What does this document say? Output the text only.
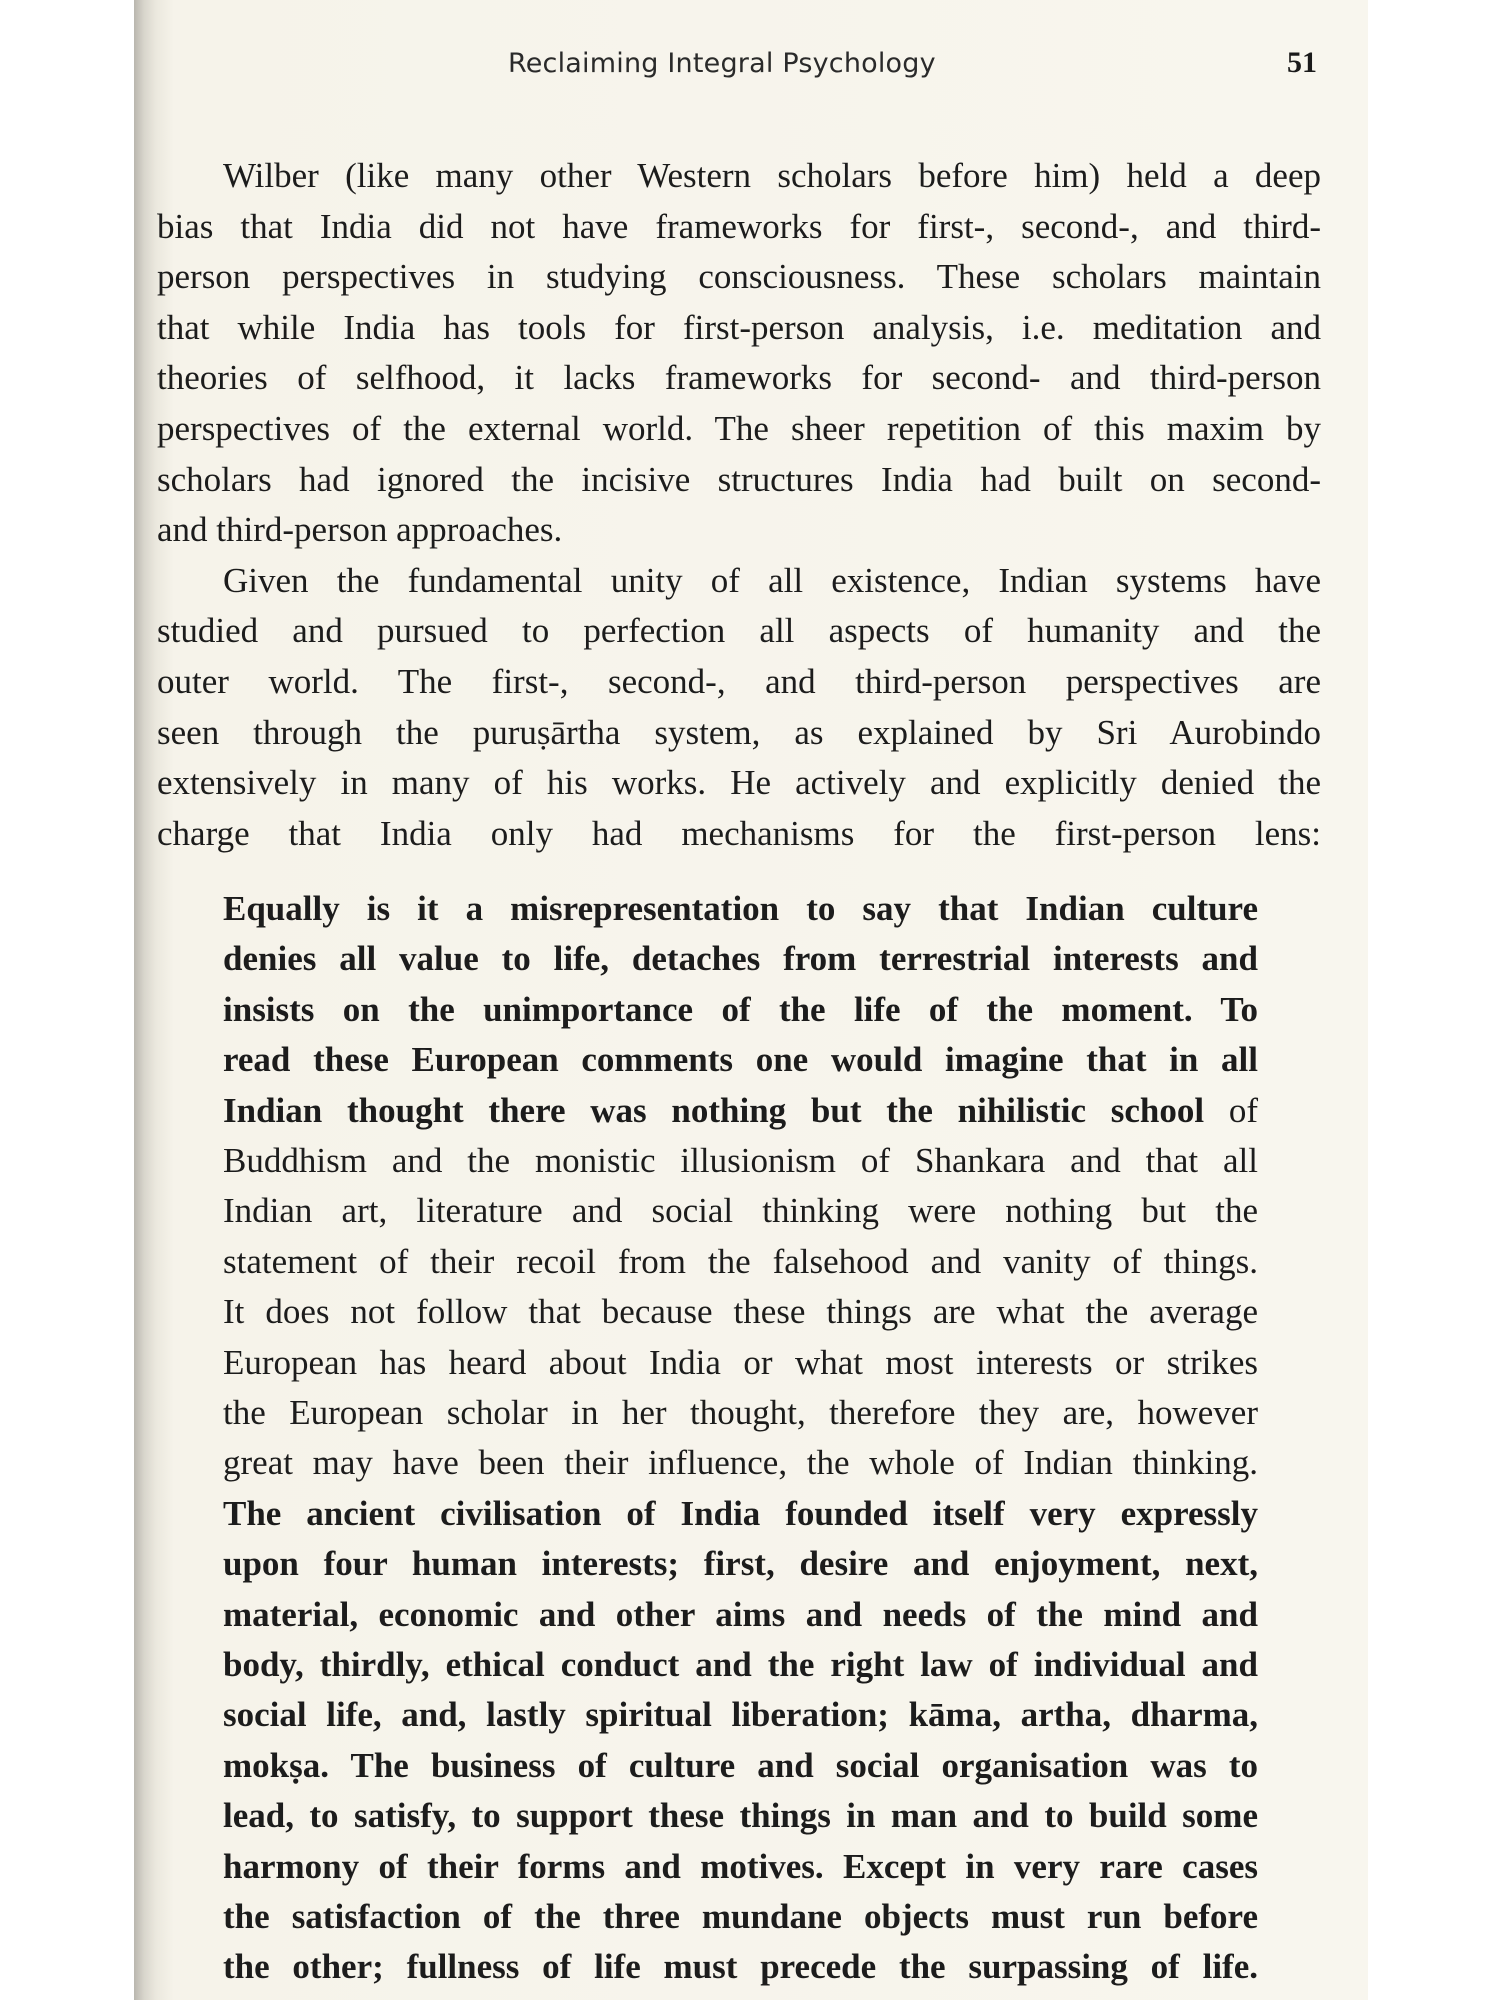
Reclaiming Integral Psychology	51
Wilber (like many other Western scholars before him) held a deep
bias that India did not have frameworks for first-, second-, and third-
person perspectives in studying consciousness. These scholars maintain
that while India has tools for first-person analysis, i.e. meditation and
theories of selfhood, it lacks frameworks for second- and third-person
perspectives of the external world. The sheer repetition of this maxim by
scholars had ignored the incisive structures India had built on second-
and third-person approaches.
Given the fundamental unity of all existence, Indian systems have
studied and pursued to perfection all aspects of humanity and the
outer world. The first-, second-, and third-person perspectives are
seen through the puruṣārtha system, as explained by Sri Aurobindo
extensively in many of his works. He actively and explicitly denied the
charge that India only had mechanisms for the first-person lens:
Equally is it a misrepresentation to say that Indian culture
denies all value to life, detaches from terrestrial interests and
insists on the unimportance of the life of the moment. To
read these European comments one would imagine that in all
Indian thought there was nothing but the nihilistic school of
Buddhism and the monistic illusionism of Shankara and that all
Indian art, literature and social thinking were nothing but the
statement of their recoil from the falsehood and vanity of things.
It does not follow that because these things are what the average
European has heard about India or what most interests or strikes
the European scholar in her thought, therefore they are, however
great may have been their influence, the whole of Indian thinking.
The ancient civilisation of India founded itself very expressly
upon four human interests; first, desire and enjoyment, next,
material, economic and other aims and needs of the mind and
body, thirdly, ethical conduct and the right law of individual and
social life, and, lastly spiritual liberation; kāma, artha, dharma,
mokṣa. The business of culture and social organisation was to
lead, to satisfy, to support these things in man and to build some
harmony of their forms and motives. Except in very rare cases
the satisfaction of the three mundane objects must run before
the other; fullness of life must precede the surpassing of life.
